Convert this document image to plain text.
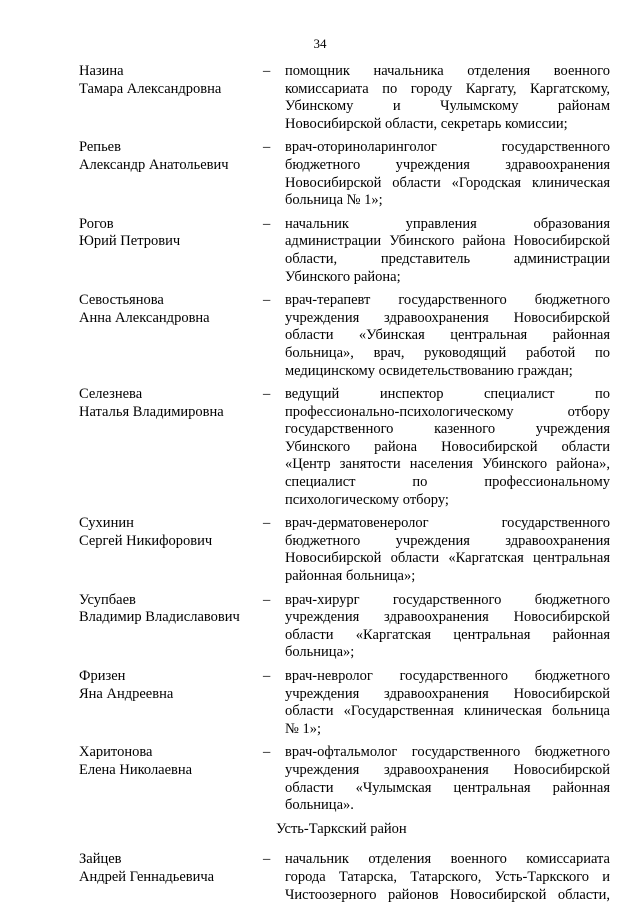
34
Назина
Тамара Александровна
– помощник начальника отделения военного
комиссариата по городу Каргату, Каргатскому,
Убинскому и Чулымскому районам
Новосибирской области, секретарь комиссии;
Репьев
Александр Анатольевич
– врач-оториноларинголог государственного
бюджетного учреждения здравоохранения
Новосибирской области «Городская клиническая
больница № 1»;
Рогов
Юрий Петрович
– начальник управления образования
администрации Убинского района Новосибирской
области, представитель администрации
Убинского района;
Севостьянова
Анна Александровна
– врач-терапевт государственного бюджетного
учреждения здравоохранения Новосибирской
области «Убинская центральная районная
больница», врач, руководящий работой по
медицинскому освидетельствованию граждан;
Селезнева
Наталья Владимировна
– ведущий инспектор специалист по
профессионально-психологическому отбору
государственного казенного учреждения
Убинского района Новосибирской области
«Центр занятости населения Убинского района»,
специалист по профессиональному
психологическому отбору;
Сухинин
Сергей Никифорович
– врач-дерматовенеролог государственного
бюджетного учреждения здравоохранения
Новосибирской области «Каргатская центральная
районная больница»;
Усупбаев
Владимир Владиславович
– врач-хирург государственного бюджетного
учреждения здравоохранения Новосибирской
области «Каргатская центральная районная
больница»;
Фризен
Яна Андреевна
– врач-невролог государственного бюджетного
учреждения здравоохранения Новосибирской
области «Государственная клиническая больница
№ 1»;
Харитонова
Елена Николаевна
– врач-офтальмолог государственного бюджетного
учреждения здравоохранения Новосибирской
области «Чулымская центральная районная
больница».
Усть-Таркский район
Зайцев
Андрей Геннадьевича
– начальник отделения военного комиссариата
города Татарска, Татарского, Усть-Таркского и
Чистоозерного районов Новосибирской области,
